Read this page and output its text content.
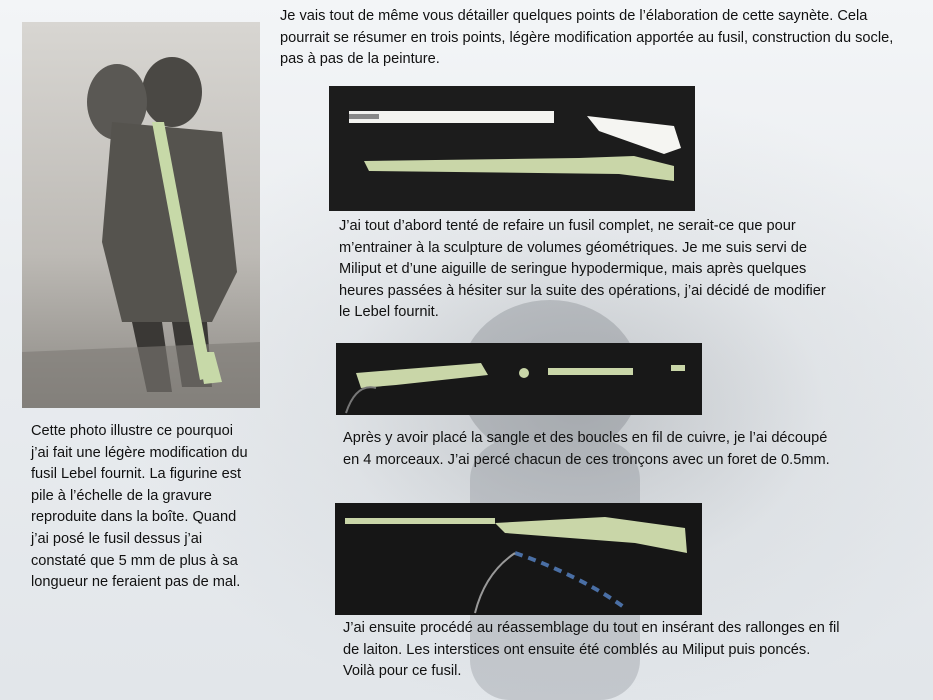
Je vais tout de même vous détailler quelques points de l’élaboration de cette saynète. Cela pourrait se résumer en trois points, légère modification apportée au fusil, construction du socle, pas à pas de la peinture.

J’ai tout d’abord tenté de refaire un fusil complet, ne serait-ce que pour m’entrainer à la sculpture de volumes géométriques. Je me suis servi de Miliput et d’une aiguille de seringue hypodermique, mais après quelques heures passées à hésiter sur la suite des opérations, j’ai décidé de modifier le Lebel fournit.

Après y avoir placé la sangle et des boucles en fil de cuivre, je l’ai découpé en 4 morceaux. J’ai percé chacun de ces tronçons avec un foret de 0.5mm.

J’ai ensuite procédé au réassemblage du tout en insérant des rallonges en fil de laiton. Les interstices ont ensuite été comblés au Miliput puis poncés. Voilà pour ce fusil.

Cette photo illustre ce pourquoi j’ai fait une légère modification du fusil Lebel fournit. La figurine est pile à l’échelle de la gravure reproduite dans la boîte. Quand j’ai posé le fusil dessus j’ai constaté que 5 mm de plus à sa longueur ne feraient pas de mal.
